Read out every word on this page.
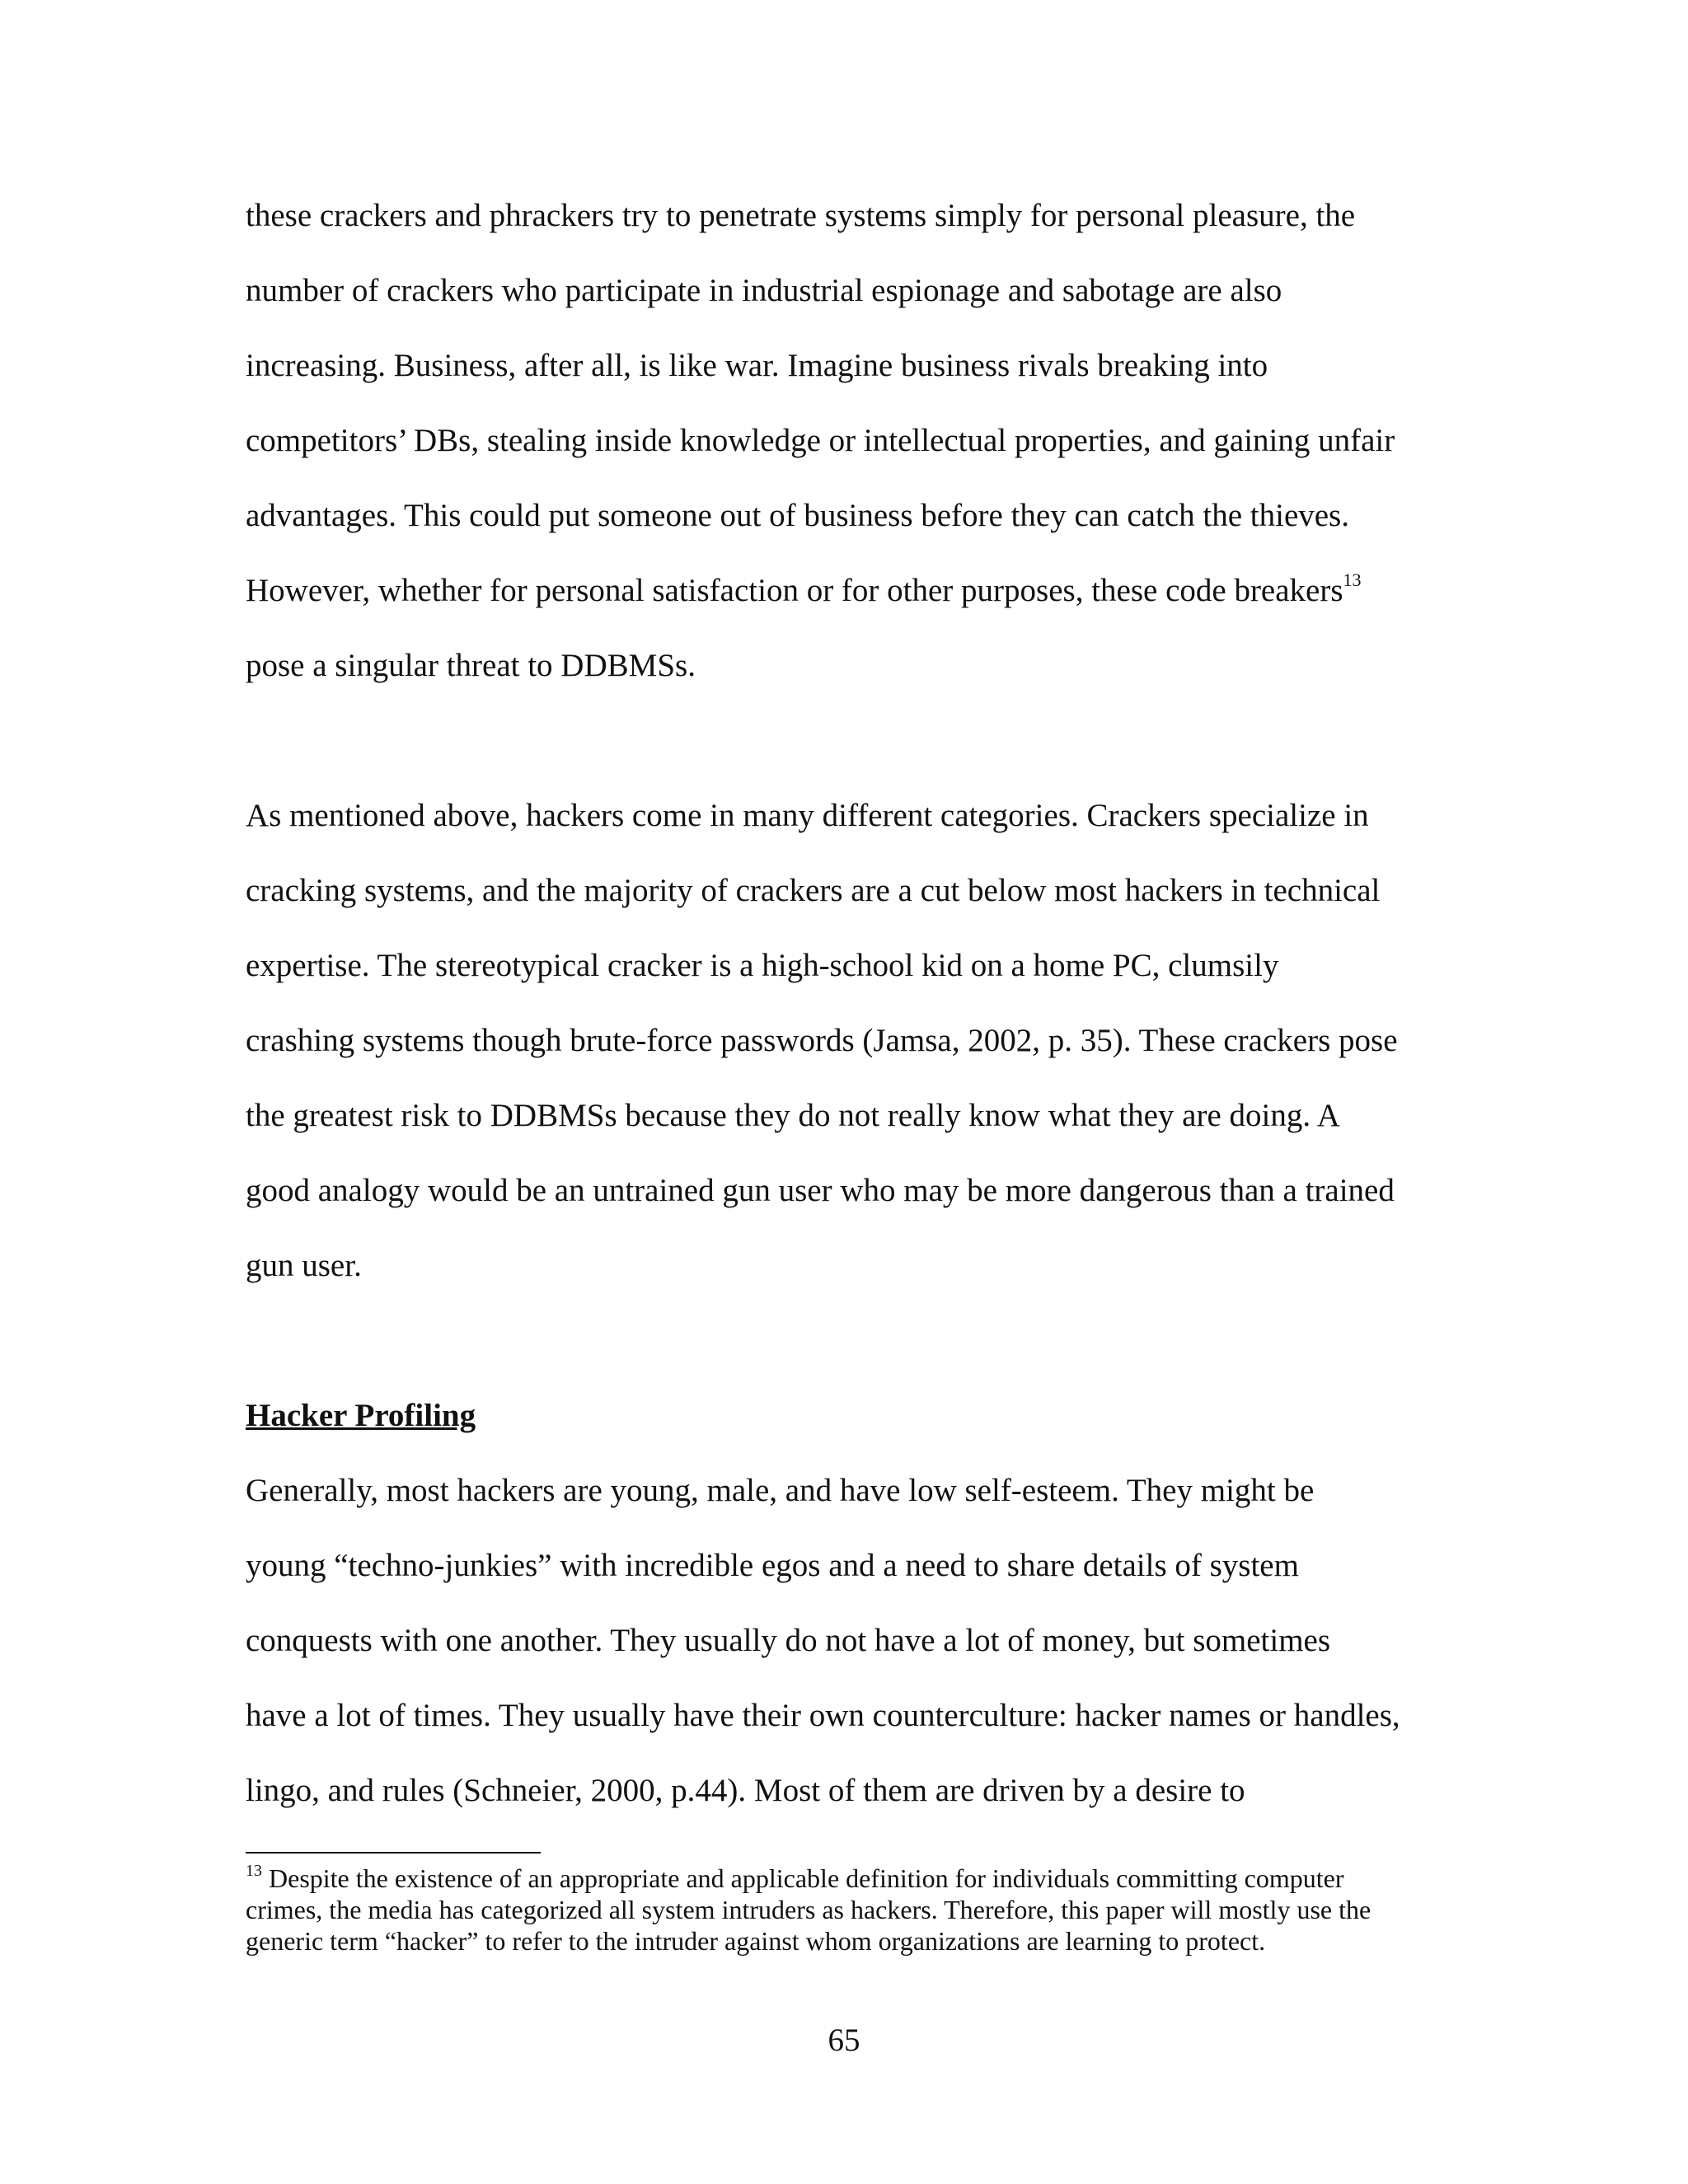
these crackers and phrackers try to penetrate systems simply for personal pleasure, the

number of crackers who participate in industrial espionage and sabotage are also

increasing. Business, after all, is like war. Imagine business rivals breaking into

competitors’ DBs, stealing inside knowledge or intellectual properties, and gaining unfair

advantages. This could put someone out of business before they can catch the thieves.

However, whether for personal satisfaction or for other purposes, these code breakers$^{13}$

pose a singular threat to DDBMSs.

As mentioned above, hackers come in many different categories. Crackers specialize in

cracking systems, and the majority of crackers are a cut below most hackers in technical

expertise. The stereotypical cracker is a high-school kid on a home PC, clumsily

crashing systems though brute-force passwords (Jamsa, 2002, p. 35). These crackers pose

the greatest risk to DDBMSs because they do not really know what they are doing. A

good analogy would be an untrained gun user who may be more dangerous than a trained

gun user.

Hacker Profiling

Generally, most hackers are young, male, and have low self-esteem. They might be

young “techno-junkies” with incredible egos and a need to share details of system

conquests with one another. They usually do not have a lot of money, but sometimes

have a lot of times. They usually have their own counterculture: hacker names or handles,

lingo, and rules (Schneier, 2000, p.44). Most of them are driven by a desire to

$^{13}$ Despite the existence of an appropriate and applicable definition for individuals committing computer

crimes, the media has categorized all system intruders as hackers. Therefore, this paper will mostly use the

generic term “hacker” to refer to the intruder against whom organizations are learning to protect.

65
